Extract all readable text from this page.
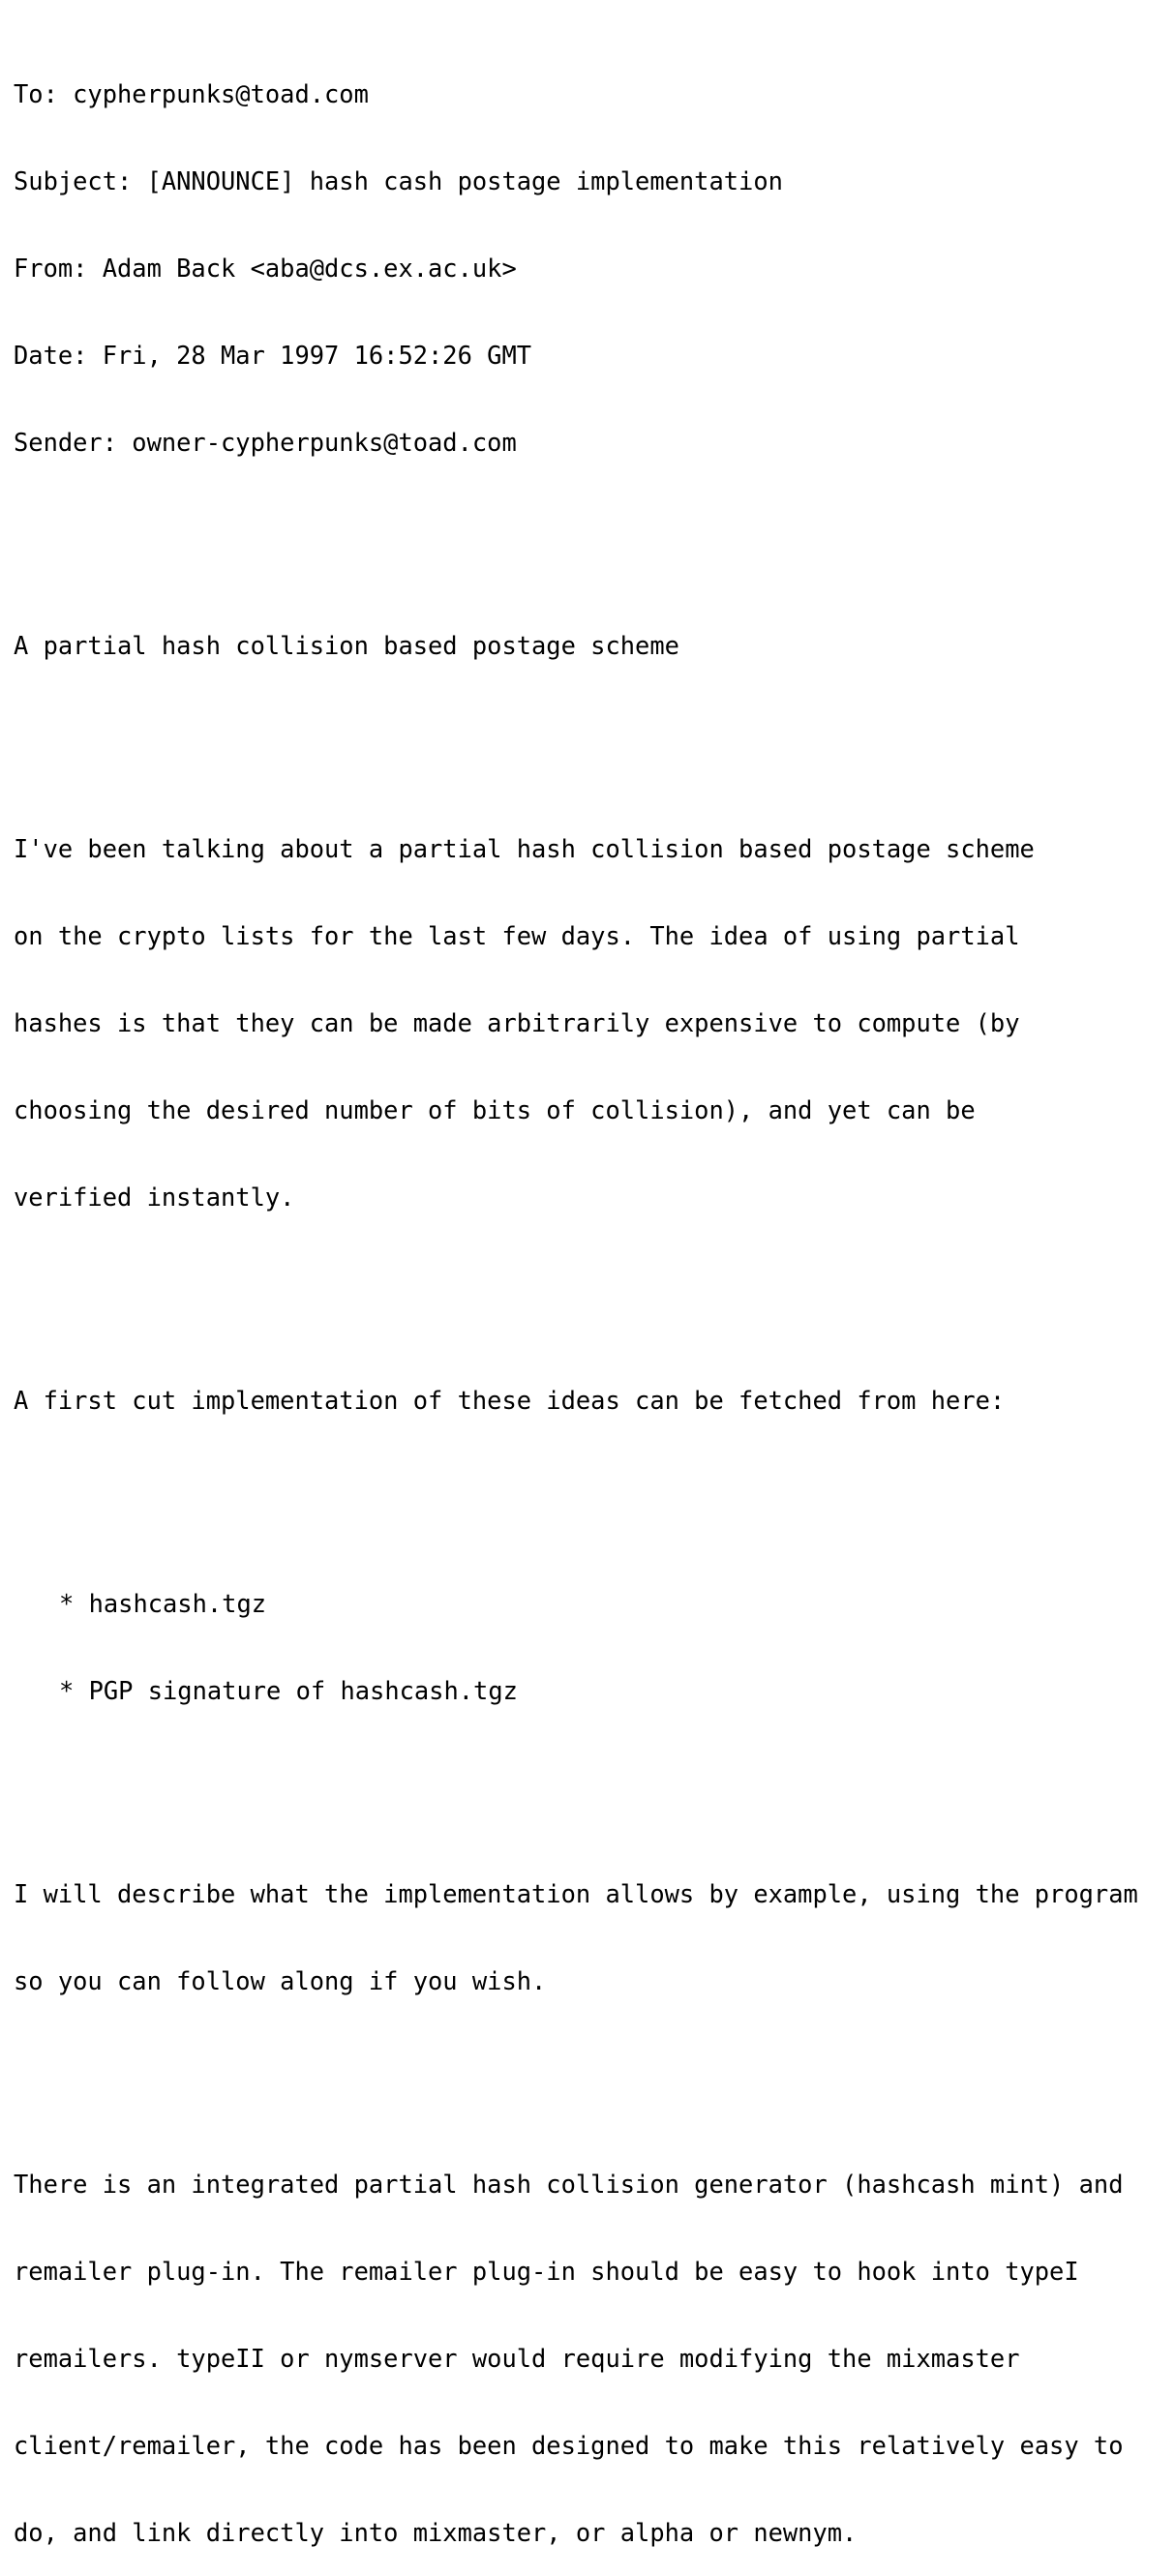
To: cypherpunks@toad.com

Subject: [ANNOUNCE] hash cash postage implementation

From: Adam Back <aba@dcs.ex.ac.uk>

Date: Fri, 28 Mar 1997 16:52:26 GMT

Sender: owner-cypherpunks@toad.com

A partial hash collision based postage scheme

I've been talking about a partial hash collision based postage scheme

on the crypto lists for the last few days. The idea of using partial

hashes is that they can be made arbitrarily expensive to compute (by

choosing the desired number of bits of collision), and yet can be

verified instantly.

A first cut implementation of these ideas can be fetched from here:

* hashcash.tgz

* PGP signature of hashcash.tgz

I will describe what the implementation allows by example, using the program

so you can follow along if you wish.

There is an integrated partial hash collision generator (hashcash mint) and

remailer plug-in. The remailer plug-in should be easy to hook into typeI

remailers. typeII or nymserver would require modifying the mixmaster

client/remailer, the code has been designed to make this relatively easy to

do, and link directly into mixmaster, or alpha or newnym.
